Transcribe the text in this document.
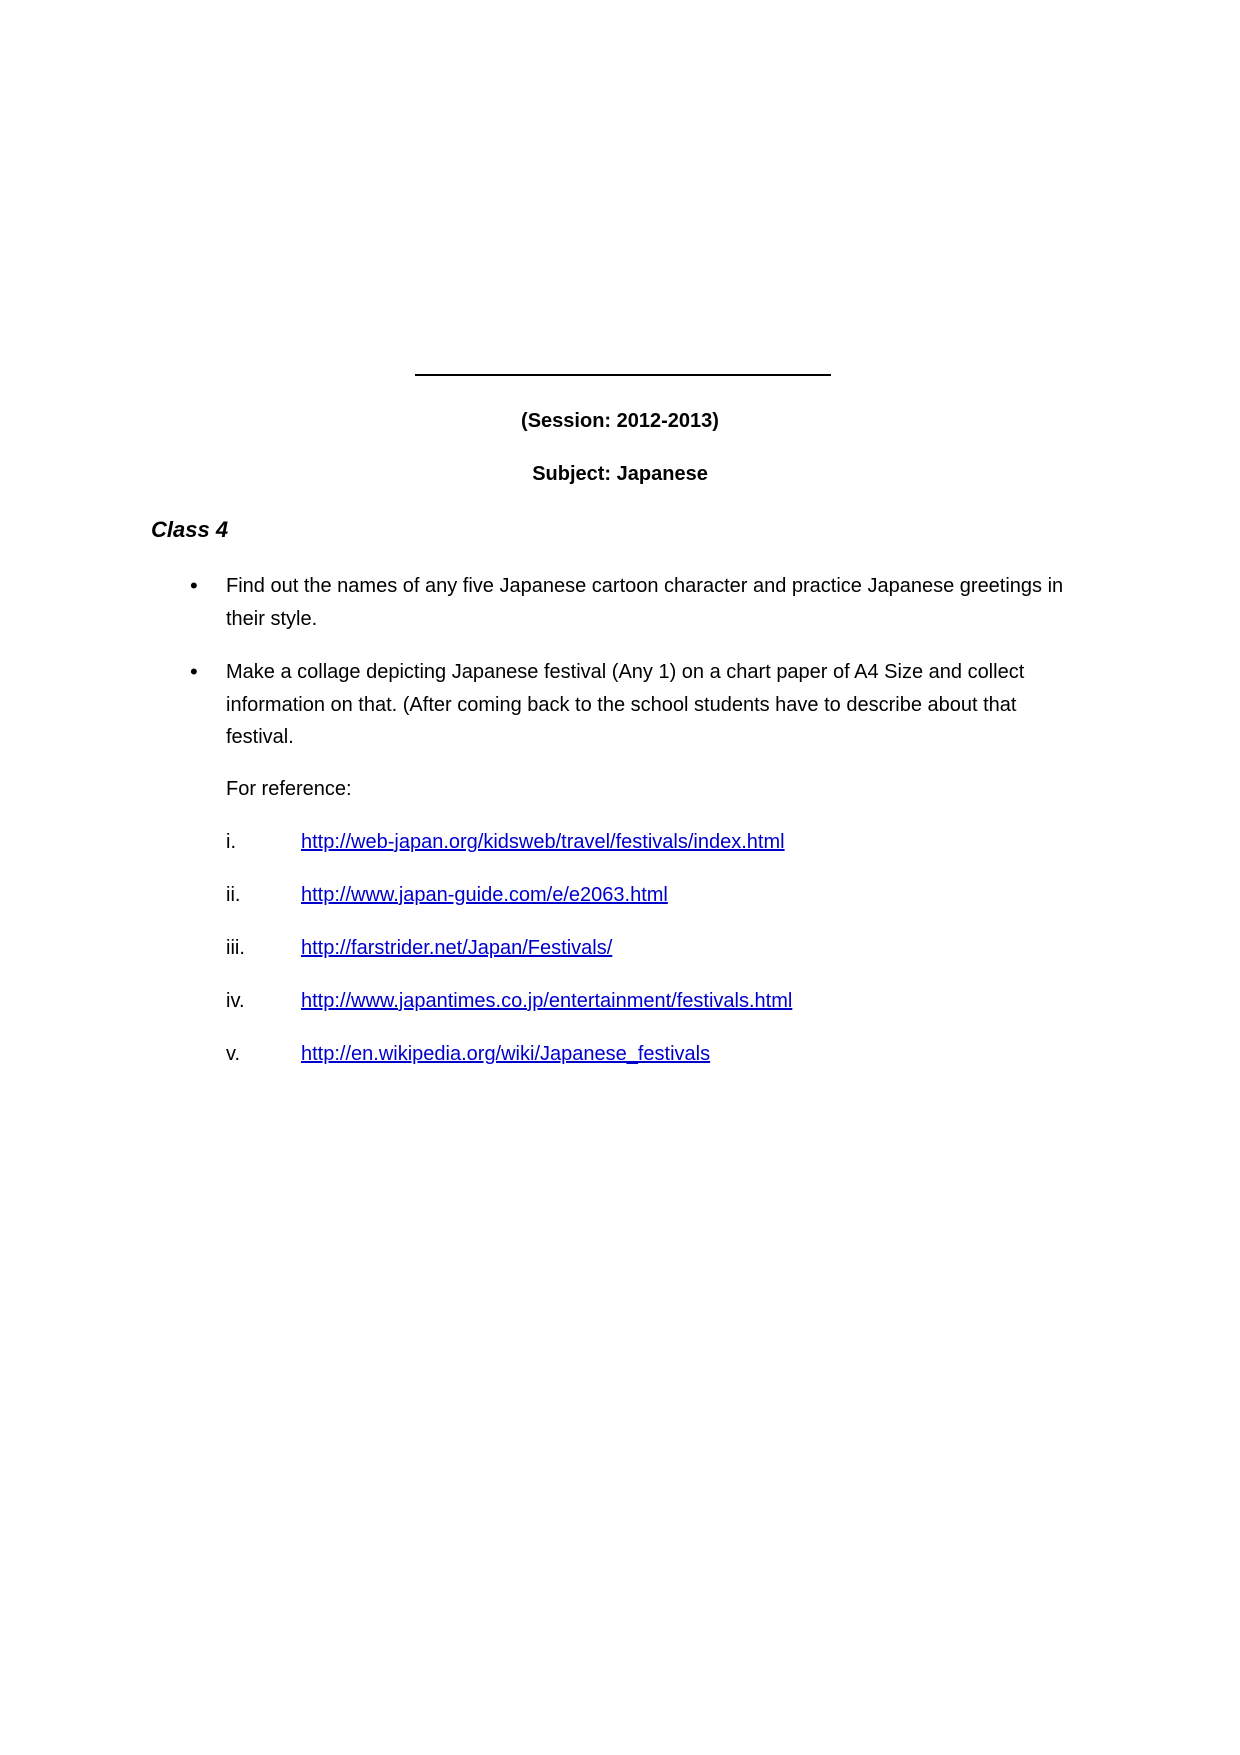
(Session: 2012-2013)
Subject: Japanese
Class 4
• Find out the names of any five Japanese cartoon character and practice Japanese greetings in their style.
• Make a collage depicting Japanese festival (Any 1) on a chart paper of A4 Size and collect information on that. (After coming back to the school students have to describe about that festival.
For reference:
i.	http://web-japan.org/kidsweb/travel/festivals/index.html
ii.	http://www.japan-guide.com/e/e2063.html
iii.	http://farstrider.net/Japan/Festivals/
iv.	http://www.japantimes.co.jp/entertainment/festivals.html
v.	http://en.wikipedia.org/wiki/Japanese_festivals
